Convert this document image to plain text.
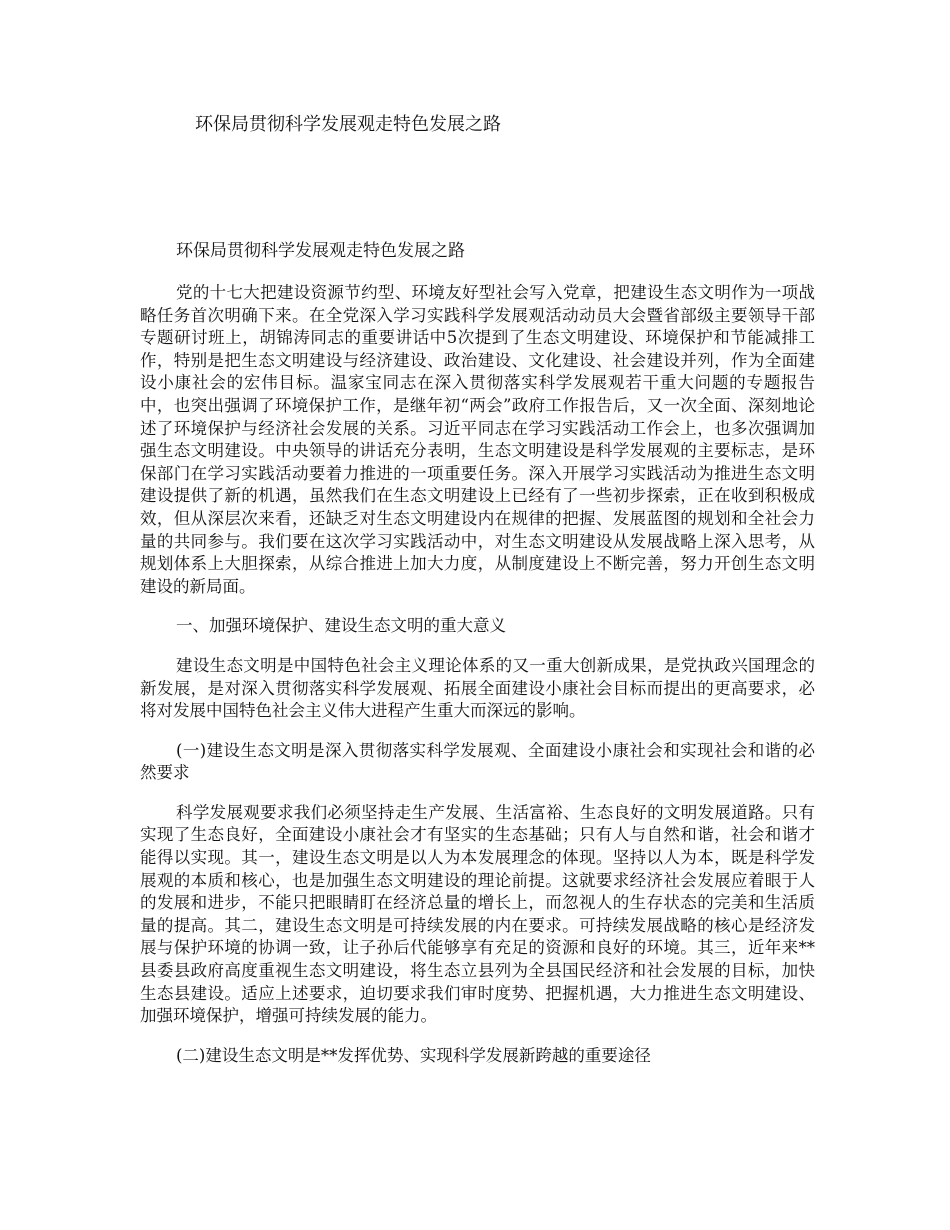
环保局贯彻科学发展观走特色发展之路
环保局贯彻科学发展观走特色发展之路

党的十七大把建设资源节约型、环境友好型社会写入党章，把建设生态文明作为一项战略任务首次明确下来。在全党深入学习实践科学发展观活动动员大会暨省部级主要领导干部专题研讨班上，胡锦涛同志的重要讲话中5次提到了生态文明建设、环境保护和节能减排工作，特别是把生态文明建设与经济建设、政治建设、文化建设、社会建设并列，作为全面建设小康社会的宏伟目标。温家宝同志在深入贯彻落实科学发展观若干重大问题的专题报告中，也突出强调了环境保护工作，是继年初“两会”政府工作报告后，又一次全面、深刻地论述了环境保护与经济社会发展的关系。习近平同志在学习实践活动工作会上，也多次强调加强生态文明建设。中央领导的讲话充分表明，生态文明建设是科学发展观的主要标志，是环保部门在学习实践活动要着力推进的一项重要任务。深入开展学习实践活动为推进生态文明建设提供了新的机遇，虽然我们在生态文明建设上已经有了一些初步探索，正在收到积极成效，但从深层次来看，还缺乏对生态文明建设内在规律的把握、发展蓝图的规划和全社会力量的共同参与。我们要在这次学习实践活动中，对生态文明建设从发展战略上深入思考，从规划体系上大胆探索，从综合推进上加大力度，从制度建设上不断完善，努力开创生态文明建设的新局面。

一、加强环境保护、建设生态文明的重大意义

建设生态文明是中国特色社会主义理论体系的又一重大创新成果，是党执政兴国理念的新发展，是对深入贯彻落实科学发展观、拓展全面建设小康社会目标而提出的更高要求，必将对发展中国特色社会主义伟大进程产生重大而深远的影响。

(一)建设生态文明是深入贯彻落实科学发展观、全面建设小康社会和实现社会和谐的必然要求

科学发展观要求我们必须坚持走生产发展、生活富裕、生态良好的文明发展道路。只有实现了生态良好，全面建设小康社会才有坚实的生态基础；只有人与自然和谐，社会和谐才能得以实现。其一，建设生态文明是以人为本发展理念的体现。坚持以人为本，既是科学发展观的本质和核心，也是加强生态文明建设的理论前提。这就要求经济社会发展应着眼于人的发展和进步，不能只把眼睛盯在经济总量的增长上，而忽视人的生存状态的完美和生活质量的提高。其二，建设生态文明是可持续发展的内在要求。可持续发展战略的核心是经济发展与保护环境的协调一致，让子孙后代能够享有充足的资源和良好的环境。其三，近年来**县委县政府高度重视生态文明建设，将生态立县列为全县国民经济和社会发展的目标，加快生态县建设。适应上述要求，迫切要求我们审时度势、把握机遇，大力推进生态文明建设、加强环境保护，增强可持续发展的能力。

(二)建设生态文明是**发挥优势、实现科学发展新跨越的重要途径
